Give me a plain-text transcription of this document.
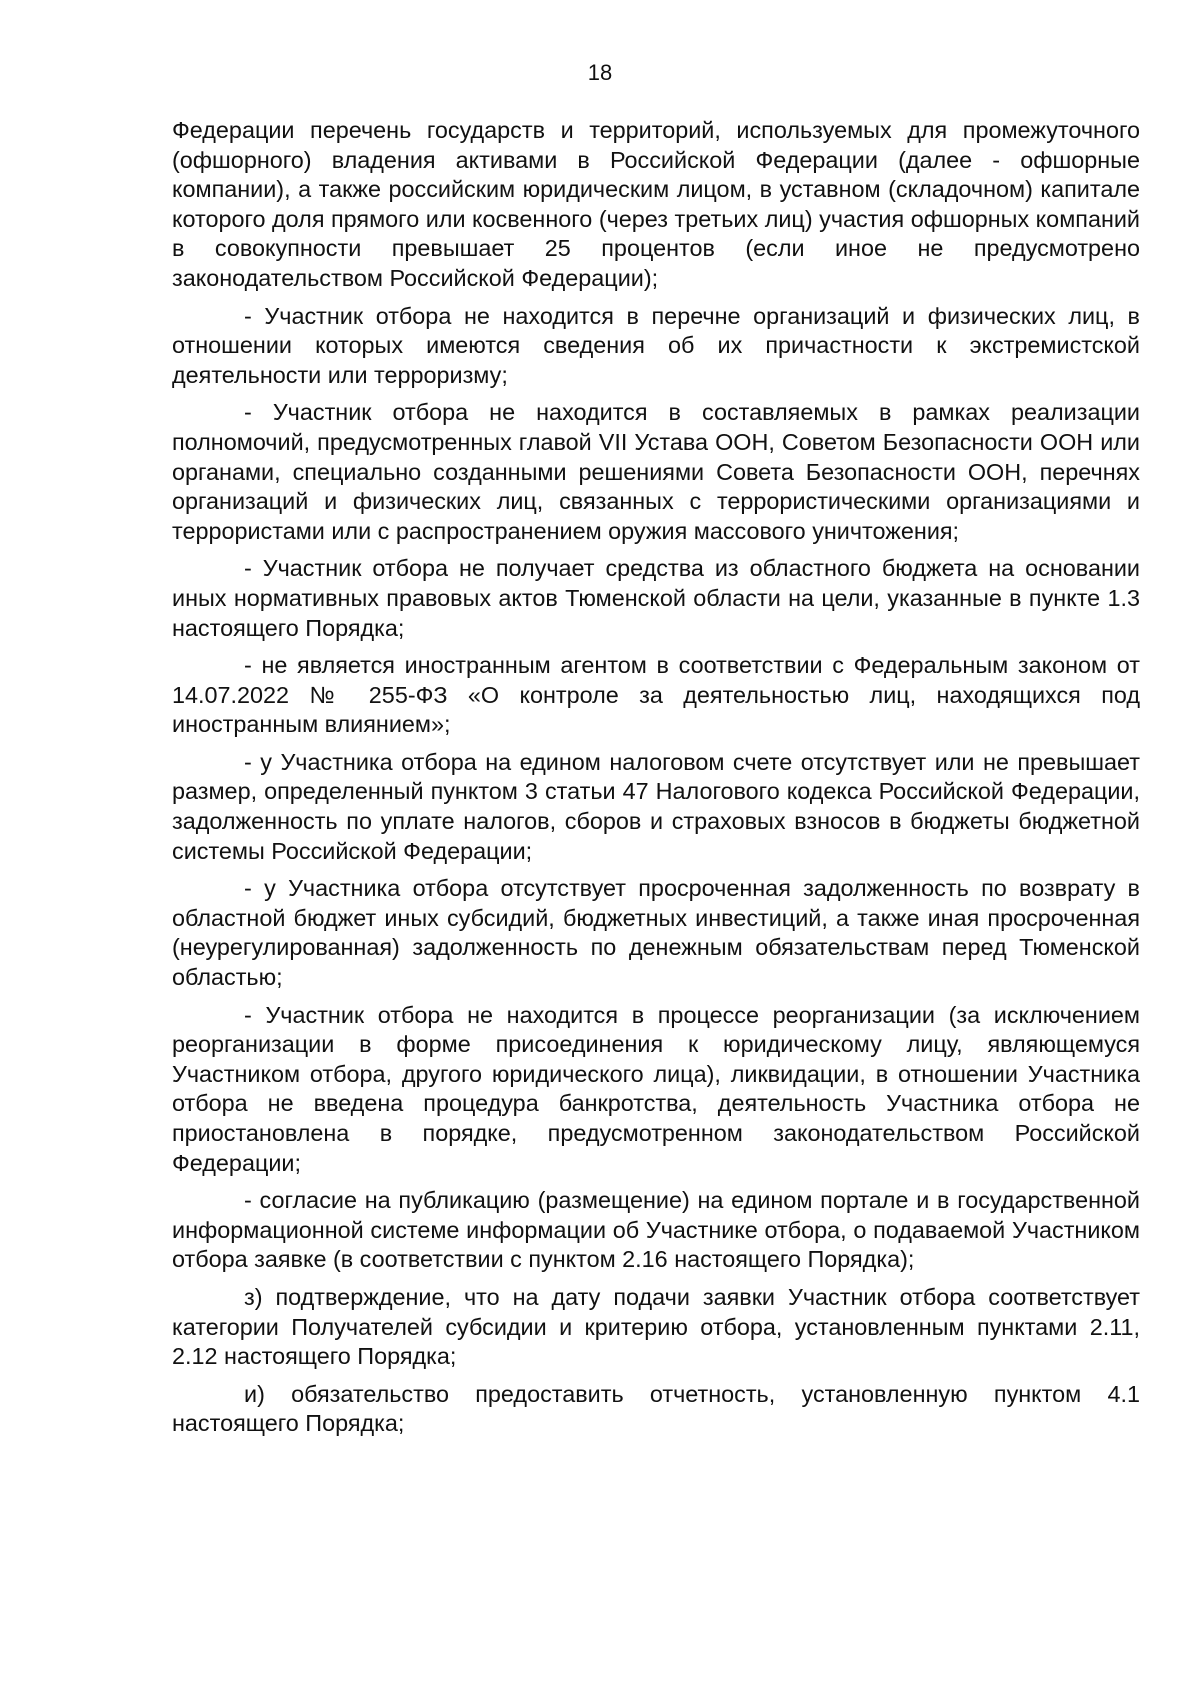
18

Федерации перечень государств и территорий, используемых для промежуточного (офшорного) владения активами в Российской Федерации (далее - офшорные компании), а также российским юридическим лицом, в уставном (складочном) капитале которого доля прямого или косвенного (через третьих лиц) участия офшорных компаний в совокупности превышает 25 процентов (если иное не предусмотрено законодательством Российской Федерации);

- Участник отбора не находится в перечне организаций и физических лиц, в отношении которых имеются сведения об их причастности к экстремистской деятельности или терроризму;

- Участник отбора не находится в составляемых в рамках реализации полномочий, предусмотренных главой VII Устава ООН, Советом Безопасности ООН или органами, специально созданными решениями Совета Безопасности ООН, перечнях организаций и физических лиц, связанных с террористическими организациями и террористами или с распространением оружия массового уничтожения;

- Участник отбора не получает средства из областного бюджета на основании иных нормативных правовых актов Тюменской области на цели, указанные в пункте 1.3 настоящего Порядка;

- не является иностранным агентом в соответствии с Федеральным законом от 14.07.2022 № 255-ФЗ «О контроле за деятельностью лиц, находящихся под иностранным влиянием»;

- у Участника отбора на едином налоговом счете отсутствует или не превышает размер, определенный пунктом 3 статьи 47 Налогового кодекса Российской Федерации, задолженность по уплате налогов, сборов и страховых взносов в бюджеты бюджетной системы Российской Федерации;

- у Участника отбора отсутствует просроченная задолженность по возврату в областной бюджет иных субсидий, бюджетных инвестиций, а также иная просроченная (неурегулированная) задолженность по денежным обязательствам перед Тюменской областью;

- Участник отбора не находится в процессе реорганизации (за исключением реорганизации в форме присоединения к юридическому лицу, являющемуся Участником отбора, другого юридического лица), ликвидации, в отношении Участника отбора не введена процедура банкротства, деятельность Участника отбора не приостановлена в порядке, предусмотренном законодательством Российской Федерации;

- согласие на публикацию (размещение) на едином портале и в государственной информационной системе информации об Участнике отбора, о подаваемой Участником отбора заявке (в соответствии с пунктом 2.16 настоящего Порядка);

з) подтверждение, что на дату подачи заявки Участник отбора соответствует категории Получателей субсидии и критерию отбора, установленным пунктами 2.11, 2.12 настоящего Порядка;

и) обязательство предоставить отчетность, установленную пунктом 4.1 настоящего Порядка;
